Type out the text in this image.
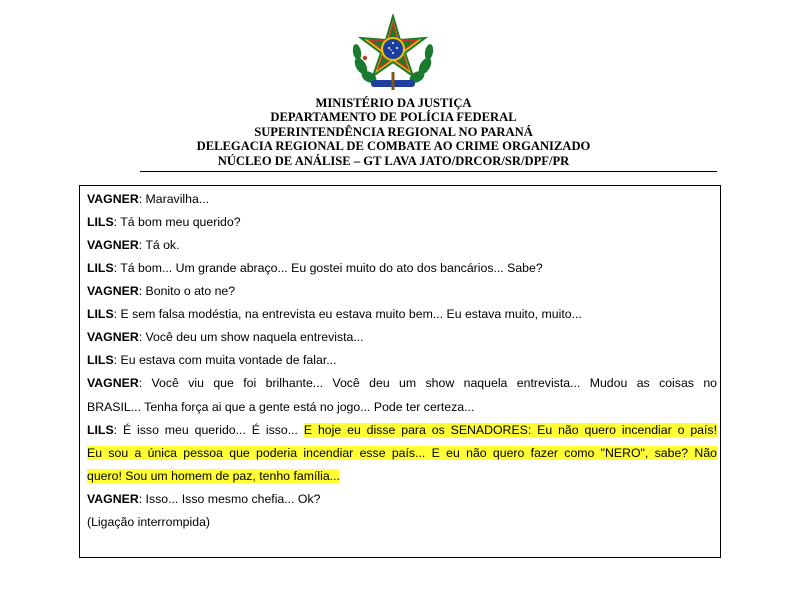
MINISTÉRIO DA JUSTIÇA
DEPARTAMENTO DE POLÍCIA FEDERAL
SUPERINTENDÊNCIA REGIONAL NO PARANÁ
DELEGACIA REGIONAL DE COMBATE AO CRIME ORGANIZADO
NÚCLEO DE ANÁLISE – GT LAVA JATO/DRCOR/SR/DPF/PR
VAGNER: Maravilha...
LILS: Tá bom meu querido?
VAGNER: Tá ok.
LILS: Tá bom... Um grande abraço... Eu gostei muito do ato dos bancários... Sabe?
VAGNER: Bonito o ato ne?
LILS: E sem falsa modéstia, na entrevista eu estava muito bem... Eu estava muito, muito...
VAGNER: Você deu um show naquela entrevista...
LILS: Eu estava com muita vontade de falar...
VAGNER: Você viu que foi brilhante... Você deu um show naquela entrevista... Mudou as coisas no
BRASIL... Tenha força ai que a gente está no jogo... Pode ter certeza...
LILS: É isso meu querido... É isso... E hoje eu disse para os SENADORES: Eu não quero incendiar o país!
Eu sou a única pessoa que poderia incendiar esse país... E eu não quero fazer como "NERO", sabe? Não
quero! Sou um homem de paz, tenho família...
VAGNER: Isso... Isso mesmo chefia... Ok?
(Ligação interrompida)
